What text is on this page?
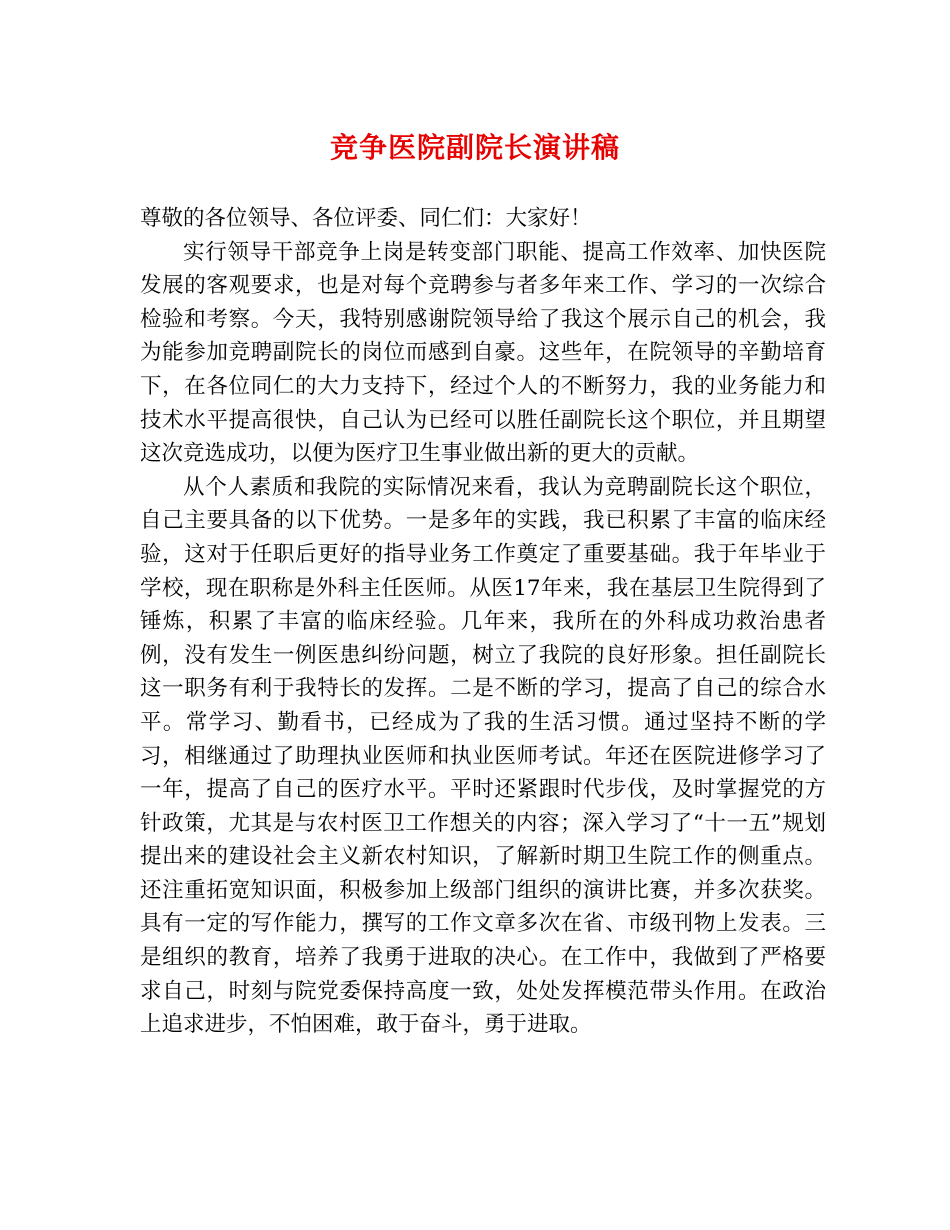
竞争医院副院长演讲稿

尊敬的各位领导、各位评委、同仁们：大家好！

实行领导干部竞争上岗是转变部门职能、提高工作效率、加快医院发展的客观要求，也是对每个竞聘参与者多年来工作、学习的一次综合检验和考察。今天，我特别感谢院领导给了我这个展示自己的机会，我为能参加竞聘副院长的岗位而感到自豪。这些年，在院领导的辛勤培育下，在各位同仁的大力支持下，经过个人的不断努力，我的业务能力和技术水平提高很快，自己认为已经可以胜任副院长这个职位，并且期望这次竞选成功，以便为医疗卫生事业做出新的更大的贡献。

从个人素质和我院的实际情况来看，我认为竞聘副院长这个职位，自己主要具备的以下优势。一是多年的实践，我已积累了丰富的临床经验，这对于任职后更好的指导业务工作奠定了重要基础。我于年毕业于学校，现在职称是外科主任医师。从医17年来，我在基层卫生院得到了锤炼，积累了丰富的临床经验。几年来，我所在的外科成功救治患者例，没有发生一例医患纠纷问题，树立了我院的良好形象。担任副院长这一职务有利于我特长的发挥。二是不断的学习，提高了自己的综合水平。常学习、勤看书，已经成为了我的生活习惯。通过坚持不断的学习，相继通过了助理执业医师和执业医师考试。年还在医院进修学习了一年，提高了自己的医疗水平。平时还紧跟时代步伐，及时掌握党的方针政策，尤其是与农村医卫工作想关的内容；深入学习了“十一五”规划提出来的建设社会主义新农村知识，了解新时期卫生院工作的侧重点。还注重拓宽知识面，积极参加上级部门组织的演讲比赛，并多次获奖。具有一定的写作能力，撰写的工作文章多次在省、市级刊物上发表。三是组织的教育，培养了我勇于进取的决心。在工作中，我做到了严格要求自己，时刻与院党委保持高度一致，处处发挥模范带头作用。在政治上追求进步，不怕困难，敢于奋斗，勇于进取。
